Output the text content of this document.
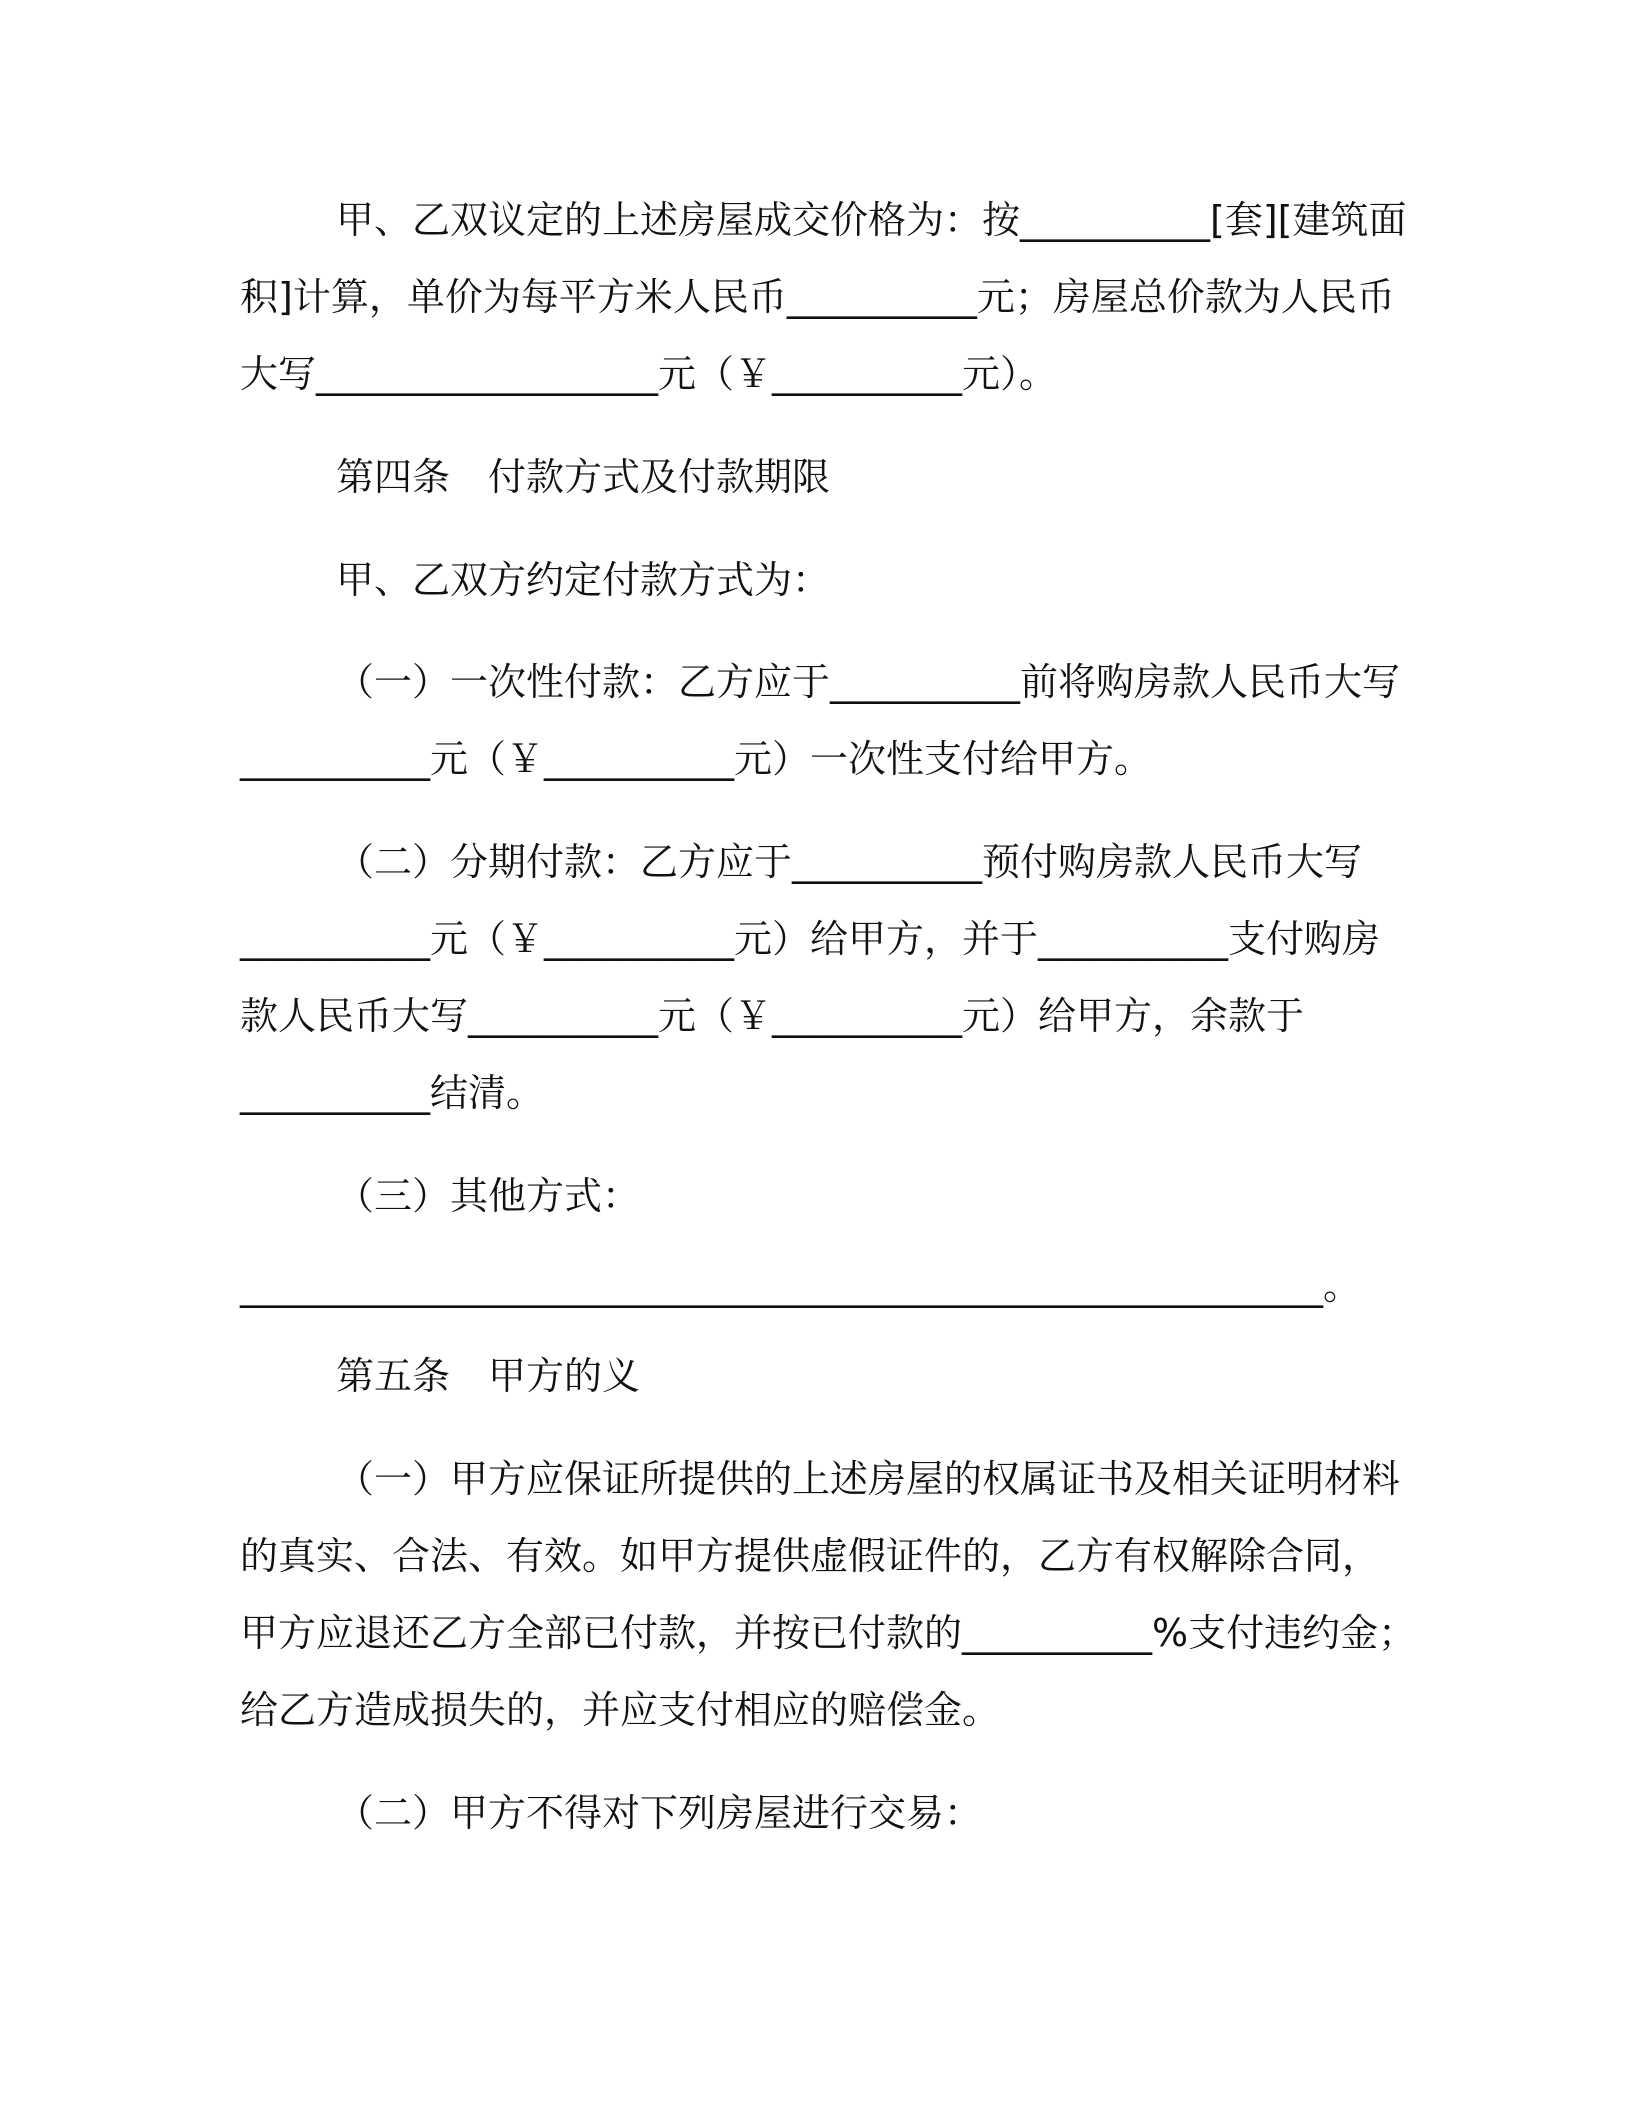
甲、乙双议定的上述房屋成交价格为：按__________[套][建筑面
积]计算，单价为每平方米人民币__________元；房屋总价款为人民币
大写__________________元（￥__________元）。
第四条　付款方式及付款期限
甲、乙双方约定付款方式为：
（一）一次性付款：乙方应于__________前将购房款人民币大写
__________元（￥__________元）一次性支付给甲方。
（二）分期付款：乙方应于__________预付购房款人民币大写
__________元（￥__________元）给甲方，并于__________支付购房
款人民币大写__________元（￥__________元）给甲方，余款于
__________结清。
（三）其他方式：
_________________________________________________________。
第五条　甲方的义
（一）甲方应保证所提供的上述房屋的权属证书及相关证明材料
的真实、合法、有效。如甲方提供虚假证件的，乙方有权解除合同，
甲方应退还乙方全部已付款，并按已付款的__________%支付违约金；
给乙方造成损失的，并应支付相应的赔偿金。
（二）甲方不得对下列房屋进行交易：
